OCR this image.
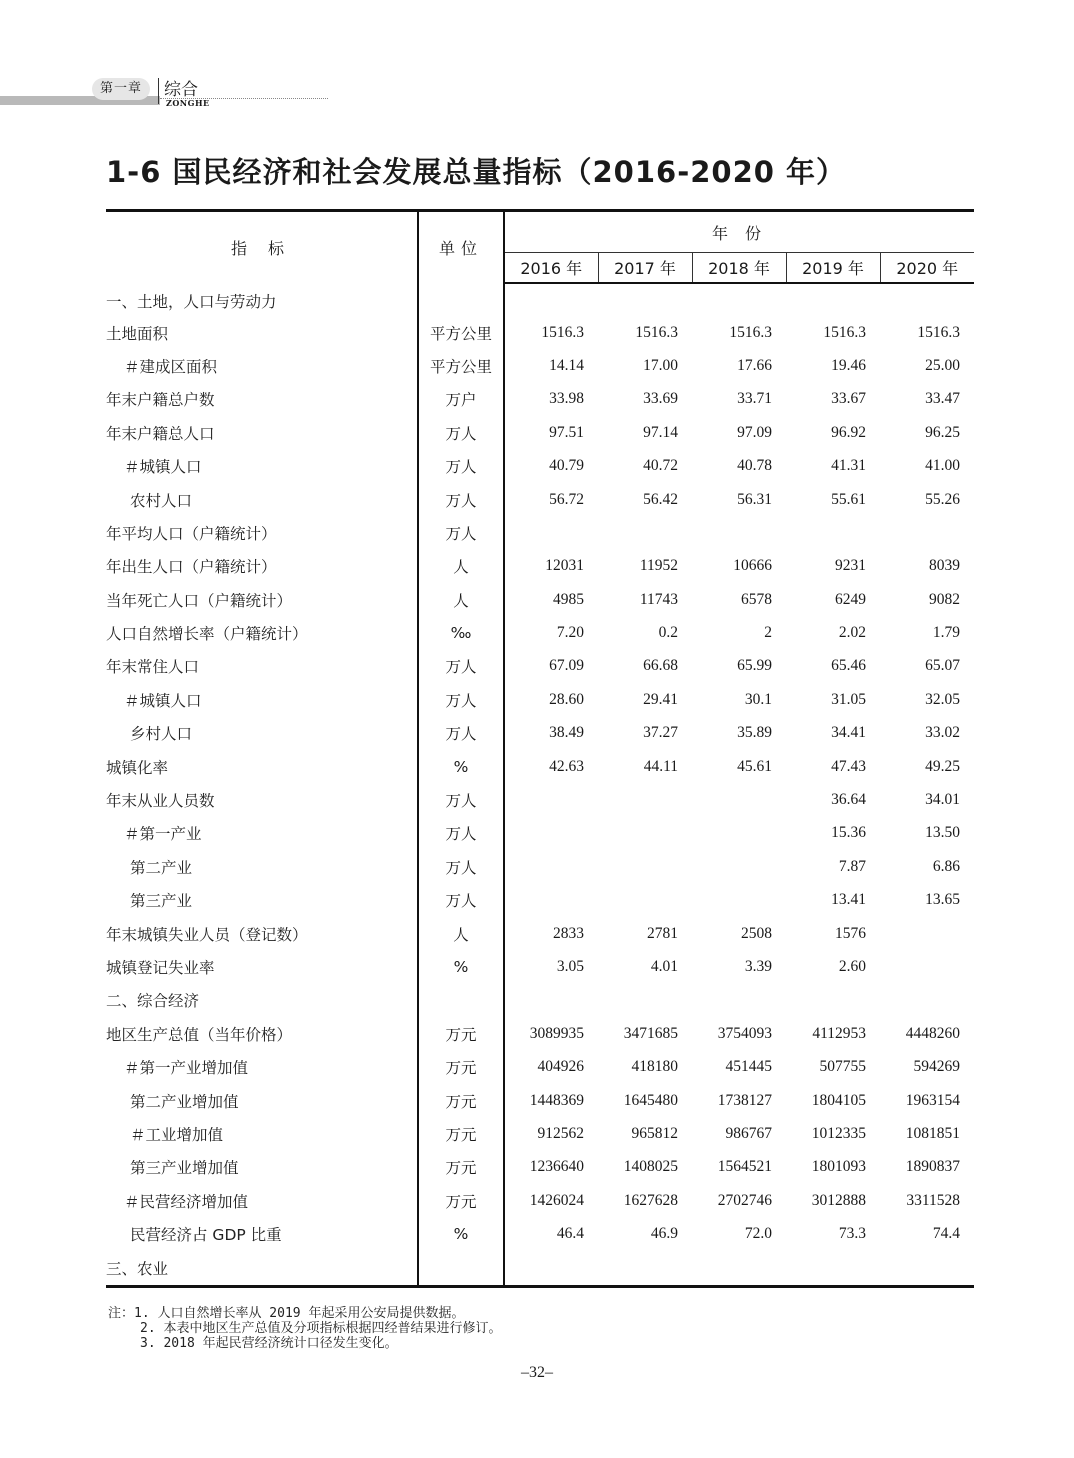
第一章	综合
ZONGHE
1-6 国民经济和社会发展总量指标（2016-2020 年）
指 标	单位	年 份				
		2016 年	2017 年	2018 年	2019 年	2020 年
一、土地，人口与劳动力						
土地面积	平方公里	1516.3	1516.3	1516.3	1516.3	1516.3
＃建成区面积	平方公里	14.14	17.00	17.66	19.46	25.00
年末户籍总户数	万户	33.98	33.69	33.71	33.67	33.47
年末户籍总人口	万人	97.51	97.14	97.09	96.92	96.25
＃城镇人口	万人	40.79	40.72	40.78	41.31	41.00
农村人口	万人	56.72	56.42	56.31	55.61	55.26
年平均人口（户籍统计）	万人					
年出生人口（户籍统计）	人	12031	11952	10666	9231	8039
当年死亡人口（户籍统计）	人	4985	11743	6578	6249	9082
人口自然增长率（户籍统计）	‰	7.20	0.2	2	2.02	1.79
年末常住人口	万人	67.09	66.68	65.99	65.46	65.07
＃城镇人口	万人	28.60	29.41	30.1	31.05	32.05
乡村人口	万人	38.49	37.27	35.89	34.41	33.02
城镇化率	%	42.63	44.11	45.61	47.43	49.25
年末从业人员数	万人				36.64	34.01
＃第一产业	万人				15.36	13.50
第二产业	万人				7.87	6.86
第三产业	万人				13.41	13.65
年末城镇失业人员（登记数）	人	2833	2781	2508	1576	
城镇登记失业率	%	3.05	4.01	3.39	2.60	
二、综合经济						
地区生产总值（当年价格）	万元	3089935	3471685	3754093	4112953	4448260
＃第一产业增加值	万元	404926	418180	451445	507755	594269
第二产业增加值	万元	1448369	1645480	1738127	1804105	1963154
＃工业增加值	万元	912562	965812	986767	1012335	1081851
第三产业增加值	万元	1236640	1408025	1564521	1801093	1890837
＃民营经济增加值	万元	1426024	1627628	2702746	3012888	3311528
民营经济占 GDP 比重	%	46.4	46.9	72.0	73.3	74.4
三、农业						
注：1. 人口自然增长率从 2019 年起采用公安局提供数据。
2. 本表中地区生产总值及分项指标根据四经普结果进行修订。
3. 2018 年起民营经济统计口径发生变化。
–32–
